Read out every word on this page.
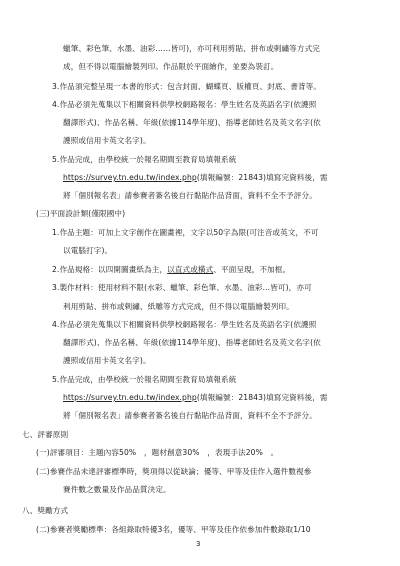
蠟筆、彩色筆、水墨、油彩……皆可)，亦可利用剪貼、拼布或剌繡等方式完
成，但不得以電腦繪製列印。作品限於平面繪作，並要為裝訂。
3.作品須完整呈現一本書的形式：包含封面、蝴蝶頁、版權頁、封底、書背等。
4.作品必須先蒐集以下相關資料供學校網路報名：學生姓名及英語名字(依護照
翻譯形式)、作品名稱、年級(依據114學年度)、指導老師姓名及英文名字(依
護照或信用卡英文名字)。
5.作品完成，由學校統一於報名期間至教育局填報系統
https://survey.tn.edu.tw/index.php(填報編號：21843)填寫完資料後，需
將「個別報名表」請參賽者簽名後自行黏貼作品背面，資料不全不予評分。
(三)平面設計類(僅限國中)
1.作品主題：可加上文字創作在圖畫裡，文字以50字為限(可注音或英文，不可
以電腦打字)。
2.作品規格：以四開圖畫紙為主，以直式或橫式、平面呈現，不加框。
3.製作材料：使用材料不限(水彩、蠟筆、彩色筆、水墨、油彩…皆可)，亦可
利用剪貼、拼布或剌繡、紙雕等方式完成，但不得以電腦繪製列印。
4.作品必須先蒐集以下相關資料供學校網路報名：學生姓名及英語名字(依護照
翻譯形式)、作品名稱、年級(依據114學年度)、指導老師姓名及英文名字(依
護照或信用卡英文名字)。
5.作品完成，由學校統一於報名期間至教育局填報系統
https://survey.tn.edu.tw/index.php(填報編號：21843)填寫完資料後，需
將「個別報名表」請參賽者簽名後自行黏貼作品背面，資料不全不予評分。
七、評審原則
(一)評審項目：主題內容50%　，題材創意30%　，表現手法20%　。
(二)參賽作品未達評審標準時，獎項得以從缺論；優等、甲等及佳作入選件數視參
賽件數之數量及作品品質決定。
八、獎勵方式
(二)參賽者獎勵標準：各組錄取特優3名，優等、甲等及佳作依參加件數錄取1/10
3
